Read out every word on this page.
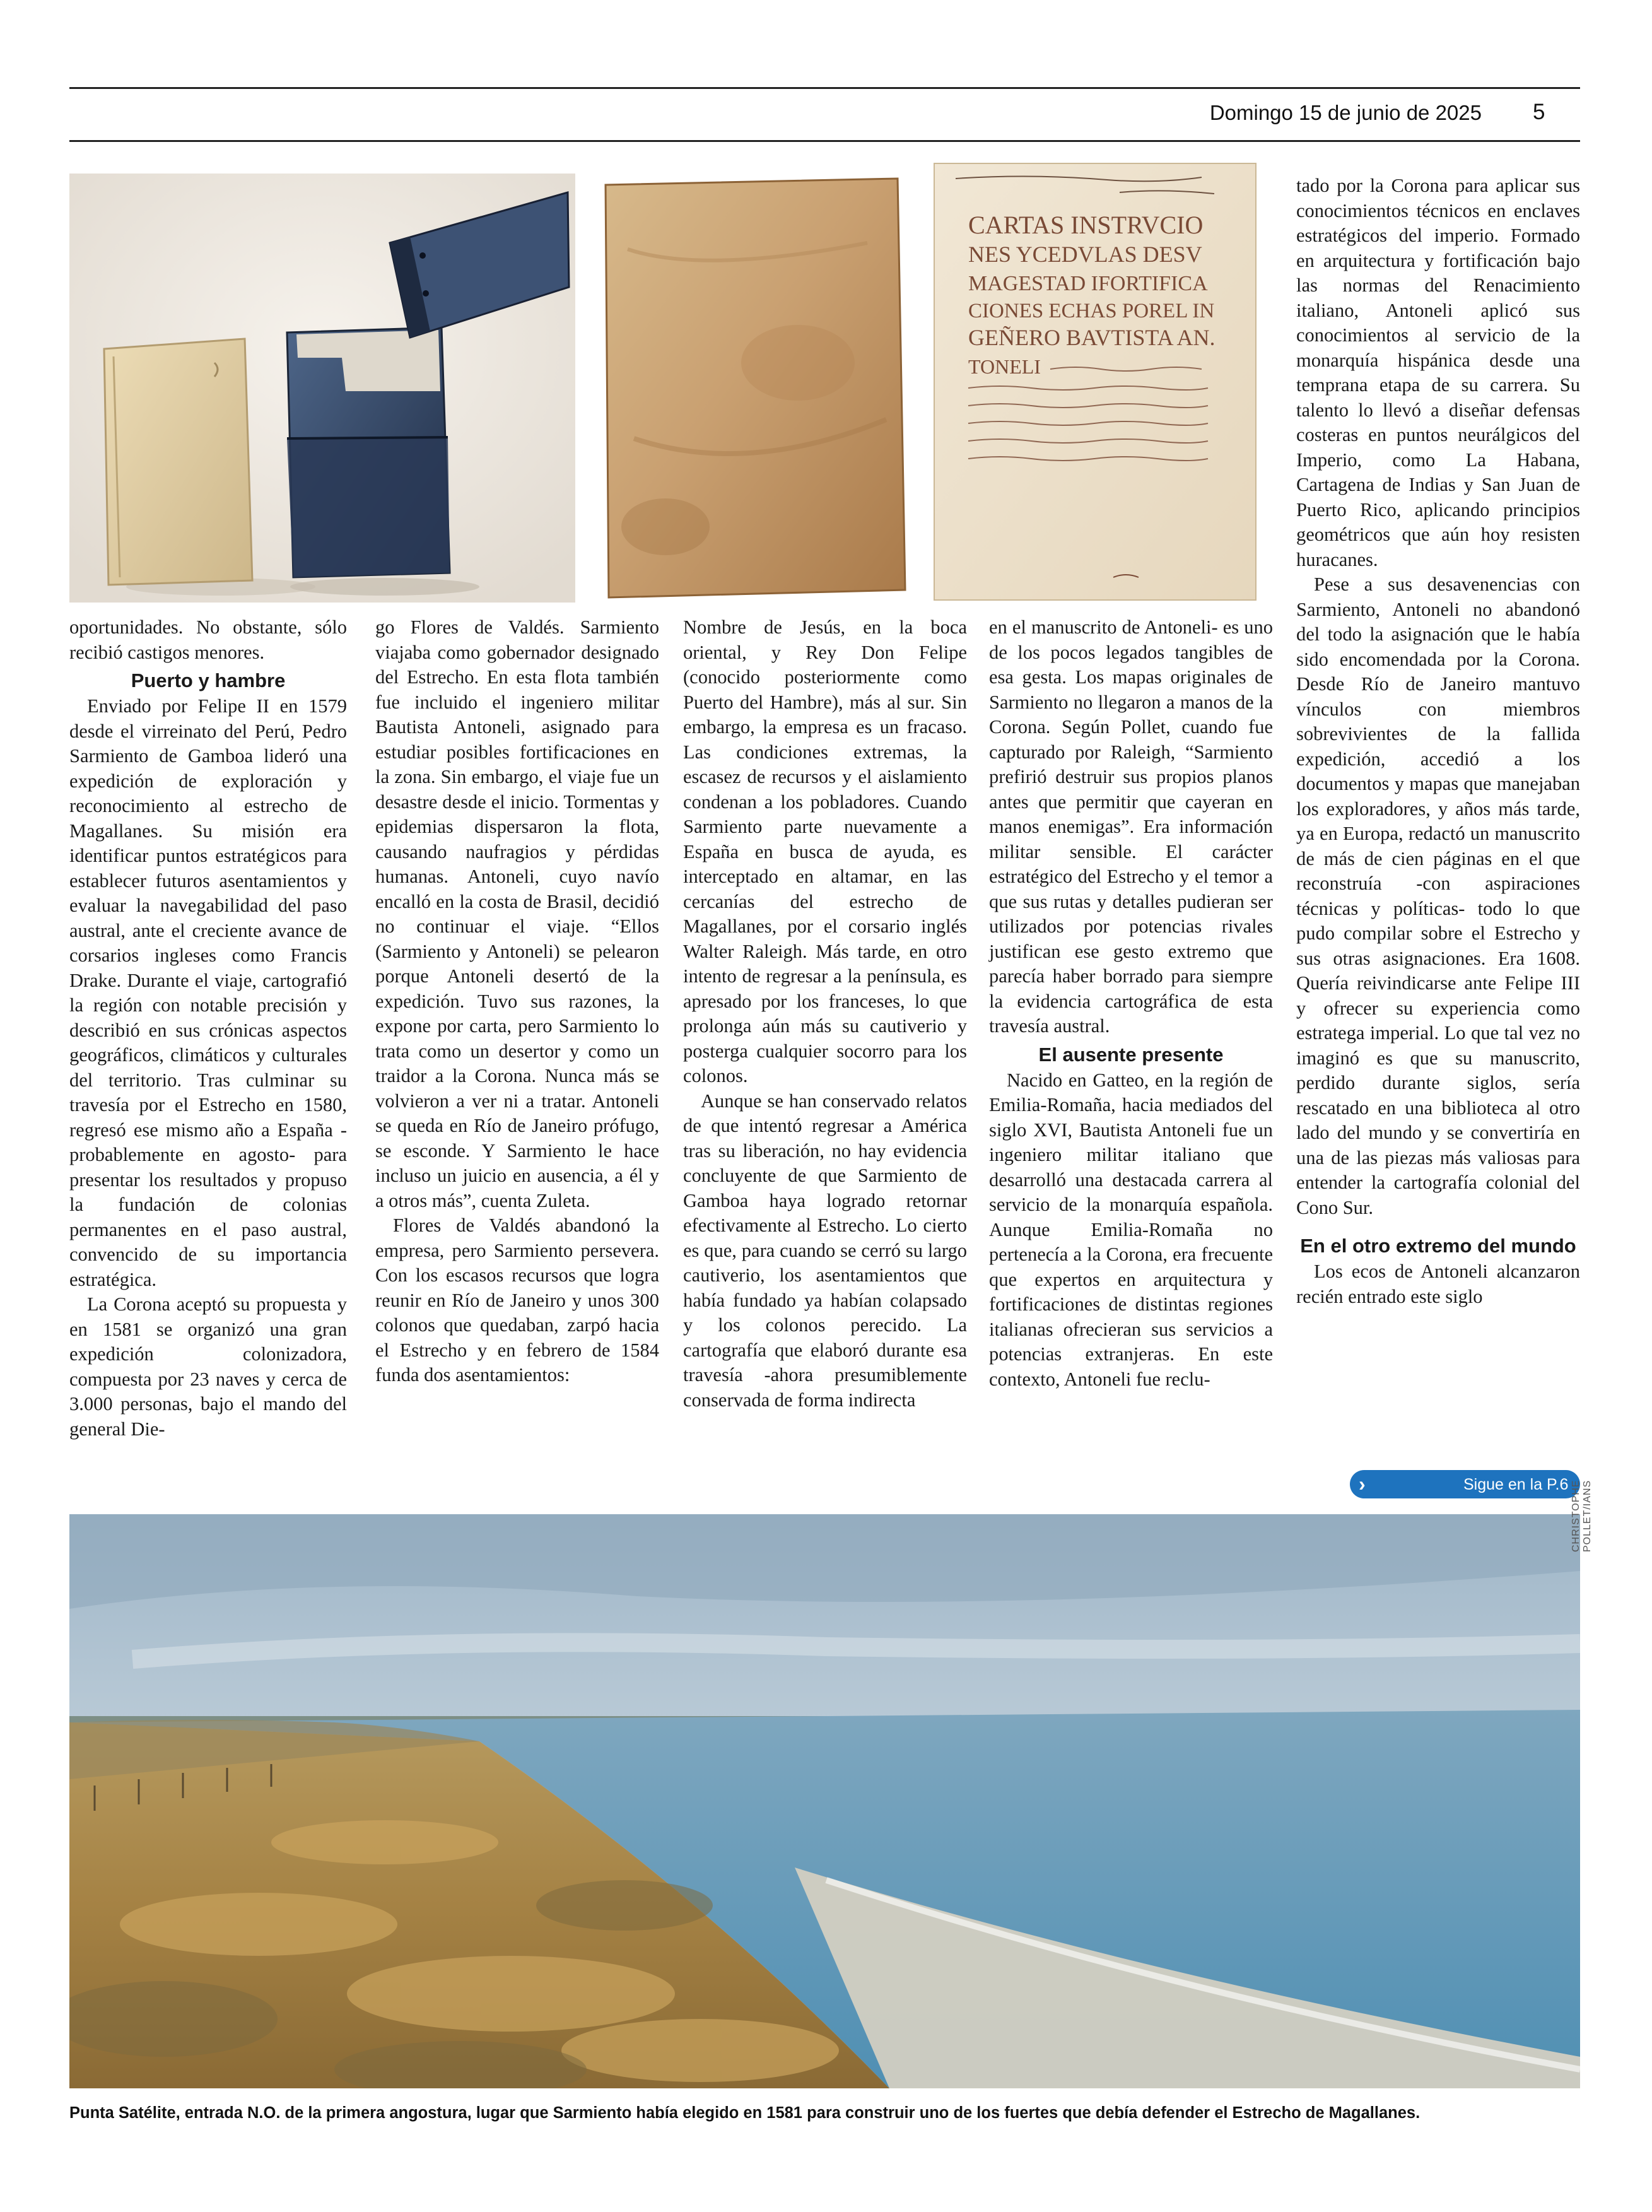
Domingo 15 de junio de 2025 5
CARTAS INSTRVCIO
NES YCEDVLAS DESV
MAGESTAD IFORTIFICA
CIONES ECHAS POREL IN
GEÑERO BAVTISTA AN.
TONELI

oportunidades. No obstante, sólo recibió castigos menores.

Puerto y hambre

Enviado por Felipe II en 1579 desde el virreinato del Perú, Pedro Sarmiento de Gamboa lideró una expedición de exploración y reconocimiento al estrecho de Magallanes. Su misión era identificar puntos estratégicos para establecer futuros asentamientos y evaluar la navegabilidad del paso austral, ante el creciente avance de corsarios ingleses como Francis Drake. Durante el viaje, cartografió la región con notable precisión y describió en sus crónicas aspectos geográficos, climáticos y culturales del territorio. Tras culminar su travesía por el Estrecho en 1580, regresó ese mismo año a España -probablemente en agosto- para presentar los resultados y propuso la fundación de colonias permanentes en el paso austral, convencido de su importancia estratégica.

La Corona aceptó su propuesta y en 1581 se organizó una gran expedición colonizadora, compuesta por 23 naves y cerca de 3.000 personas, bajo el mando del general Die-

go Flores de Valdés. Sarmiento viajaba como gobernador designado del Estrecho. En esta flota también fue incluido el ingeniero militar Bautista Antoneli, asignado para estudiar posibles fortificaciones en la zona. Sin embargo, el viaje fue un desastre desde el inicio. Tormentas y epidemias dispersaron la flota, causando naufragios y pérdidas humanas. Antoneli, cuyo navío encalló en la costa de Brasil, decidió no continuar el viaje. “Ellos (Sarmiento y Antoneli) se pelearon porque Antoneli desertó de la expedición. Tuvo sus razones, la expone por carta, pero Sarmiento lo trata como un desertor y como un traidor a la Corona. Nunca más se volvieron a ver ni a tratar. Antoneli se queda en Río de Janeiro prófugo, se esconde. Y Sarmiento le hace incluso un juicio en ausencia, a él y a otros más”, cuenta Zuleta.

Flores de Valdés abandonó la empresa, pero Sarmiento persevera. Con los escasos recursos que logra reunir en Río de Janeiro y unos 300 colonos que quedaban, zarpó hacia el Estrecho y en febrero de 1584 funda dos asentamientos:

Nombre de Jesús, en la boca oriental, y Rey Don Felipe (conocido posteriormente como Puerto del Hambre), más al sur. Sin embargo, la empresa es un fracaso. Las condiciones extremas, la escasez de recursos y el aislamiento condenan a los pobladores. Cuando Sarmiento parte nuevamente a España en busca de ayuda, es interceptado en altamar, en las cercanías del estrecho de Magallanes, por el corsario inglés Walter Raleigh. Más tarde, en otro intento de regresar a la península, es apresado por los franceses, lo que prolonga aún más su cautiverio y posterga cualquier socorro para los colonos.

Aunque se han conservado relatos de que intentó regresar a América tras su liberación, no hay evidencia concluyente de que Sarmiento de Gamboa haya logrado retornar efectivamente al Estrecho. Lo cierto es que, para cuando se cerró su largo cautiverio, los asentamientos que había fundado ya habían colapsado y los colonos perecido. La cartografía que elaboró durante esa travesía -ahora presumiblemente conservada de forma indirecta

en el manuscrito de Antoneli- es uno de los pocos legados tangibles de esa gesta. Los mapas originales de Sarmiento no llegaron a manos de la Corona. Según Pollet, cuando fue capturado por Raleigh, “Sarmiento prefirió destruir sus propios planos antes que permitir que cayeran en manos enemigas”. Era información militar sensible. El carácter estratégico del Estrecho y el temor a que sus rutas y detalles pudieran ser utilizados por potencias rivales justifican ese gesto extremo que parecía haber borrado para siempre la evidencia cartográfica de esta travesía austral.

El ausente presente

Nacido en Gatteo, en la región de Emilia-Romaña, hacia mediados del siglo XVI, Bautista Antoneli fue un ingeniero militar italiano que desarrolló una destacada carrera al servicio de la monarquía española. Aunque Emilia-Romaña no pertenecía a la Corona, era frecuente que expertos en arquitectura y fortificaciones de distintas regiones italianas ofrecieran sus servicios a potencias extranjeras. En este contexto, Antoneli fue reclu-

tado por la Corona para aplicar sus conocimientos técnicos en enclaves estratégicos del imperio. Formado en arquitectura y fortificación bajo las normas del Renacimiento italiano, Antoneli aplicó sus conocimientos al servicio de la monarquía hispánica desde una temprana etapa de su carrera. Su talento lo llevó a diseñar defensas costeras en puntos neurálgicos del Imperio, como La Habana, Cartagena de Indias y San Juan de Puerto Rico, aplicando principios geométricos que aún hoy resisten huracanes.

Pese a sus desavenencias con Sarmiento, Antoneli no abandonó del todo la asignación que le había sido encomendada por la Corona. Desde Río de Janeiro mantuvo vínculos con miembros sobrevivientes de la fallida expedición, accedió a los documentos y mapas que manejaban los exploradores, y años más tarde, ya en Europa, redactó un manuscrito de más de cien páginas en el que reconstruía -con aspiraciones técnicas y políticas- todo lo que pudo compilar sobre el Estrecho y sus otras asignaciones. Era 1608. Quería reivindicarse ante Felipe III y ofrecer su experiencia como estratega imperial. Lo que tal vez no imaginó es que su manuscrito, perdido durante siglos, sería rescatado en una biblioteca al otro lado del mundo y se convertiría en una de las piezas más valiosas para entender la cartografía colonial del Cono Sur.

En el otro extremo del mundo

Los ecos de Antoneli alcanzaron recién entrado este siglo

›	Sigue en la P.6 CHRISTOPHE POLLET/IANS
Punta Satélite, entrada N.O. de la primera angostura, lugar que Sarmiento había elegido en 1581 para construir uno de los fuertes que debía defender el Estrecho de Magallanes.
